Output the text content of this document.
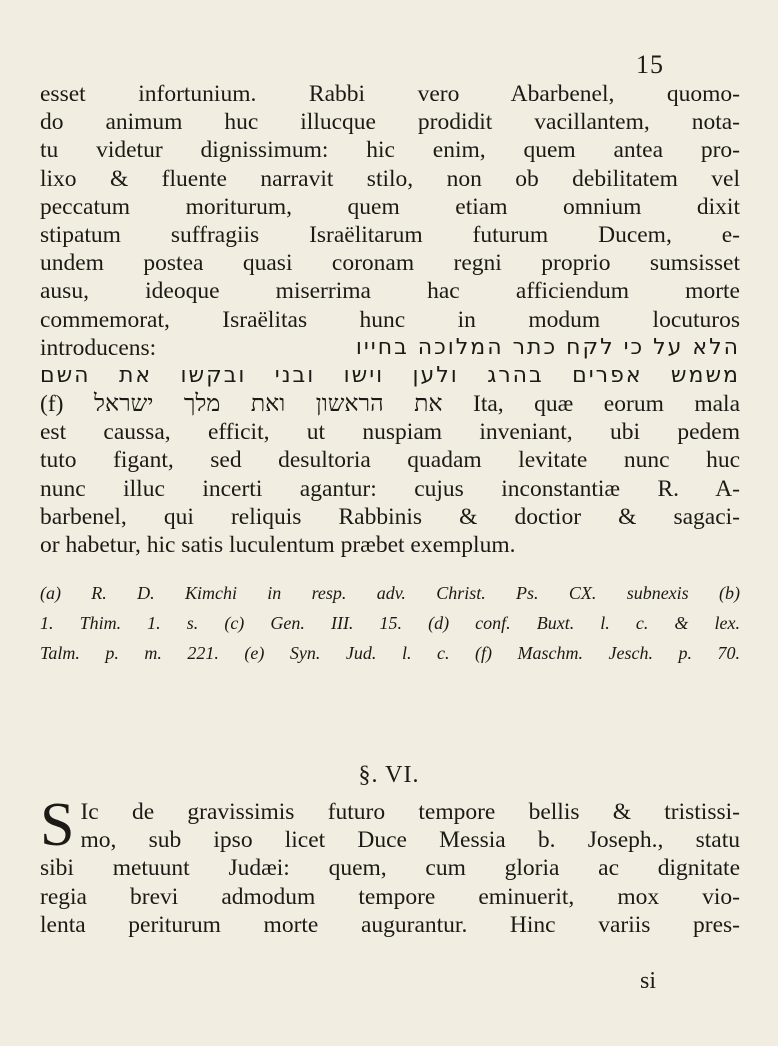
15
esset infortunium. Rabbi vero Abarbenel, quomo-
do animum huc illucque prodidit vacillantem, nota-
tu videtur dignissimum: hic enim, quem antea pro-
lixo & fluente narravit stilo, non ob debilitatem vel
peccatum moriturum, quem etiam omnium dixit
stipatum suffragiis Israëlitarum futurum Ducem, e-
undem postea quasi coronam regni proprio sumsisset
ausu, ideoque miserrima hac afficiendum morte
commemorat, Israëlitas hunc in modum locuturos
introducens:	הלא על כי לקח כתר המלוכה בחייו
משמש אפרים בהרג ולען וישו ובני ובקשו את השם
(f) את הראשון ואת מלך ישראל Ita, quæ eorum mala
est caussa, efficit, ut nuspiam inveniant, ubi pedem
tuto figant, sed desultoria quadam levitate nunc huc
nunc illuc incerti agantur: cujus inconstantiæ R. A-
barbenel, qui reliquis Rabbinis & doctior & sagaci-
or habetur, hic satis luculentum præbet exemplum.
(a) R. D. Kimchi in resp. adv. Christ. Ps. CX. subnexis (b)
1. Thim. 1. s. (c) Gen. III. 15. (d) conf. Buxt. l. c. & lex.
Talm. p. m. 221. (e) Syn. Jud. l. c. (f) Maschm. Jesch. p. 70.
§. VI.
S Ic de gravissimis futuro tempore bellis & tristissi-
mo, sub ipso licet Duce Messia b. Joseph., statu
sibi metuunt Judæi: quem, cum gloria ac dignitate
regia brevi admodum tempore eminuerit, mox vio-
lenta periturum morte augurantur. Hinc variis pres-
si
